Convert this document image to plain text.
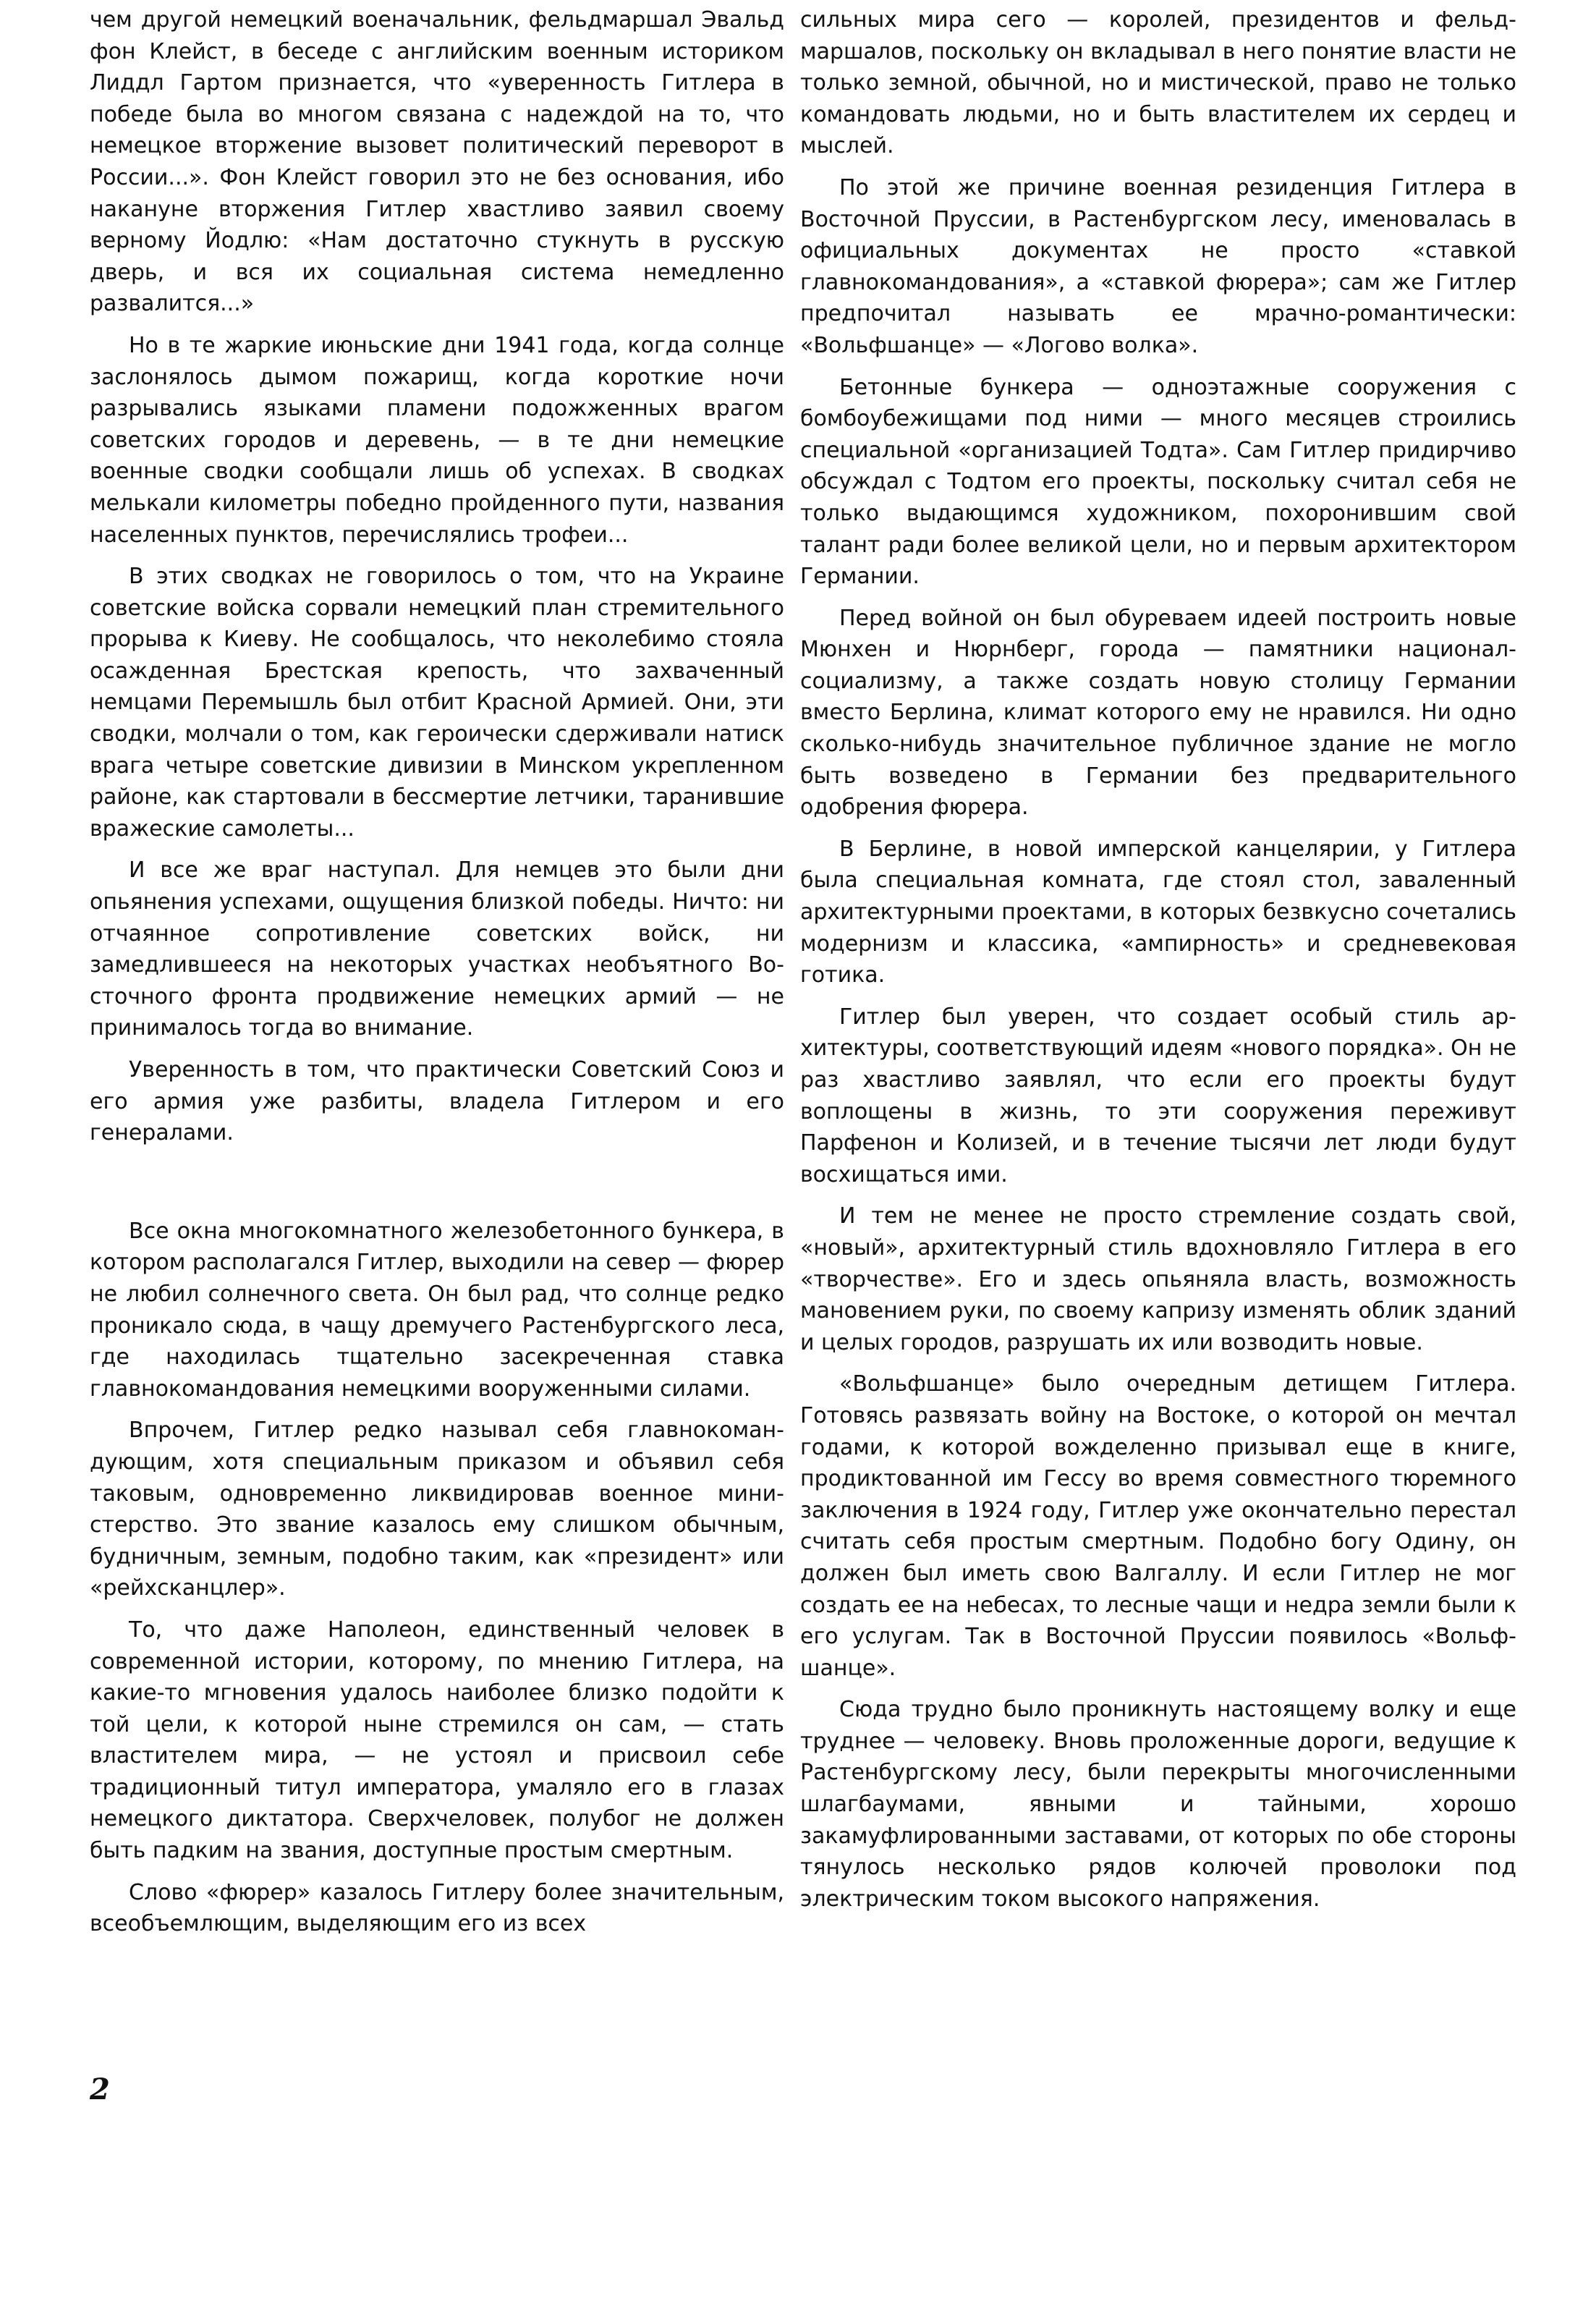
чем другой немецкий военачальник, фельдмаршал Эвальд фон Клейст, в беседе с английским военным историком Лиддл Гартом признается, что «уверенность Гитлера в победе была во многом связана с надеждой на то, что немецкое вторжение вызовет политический переворот в России...». Фон Клейст говорил это не без основания, ибо накануне вторжения Гитлер хвастливо заявил своему верному Йодлю: «Нам достаточно стукнуть в русскую дверь, и вся их социальная система немедленно развалится...»

Но в те жаркие июньские дни 1941 года, когда солнце заслонялось дымом пожарищ, когда короткие ночи разрывались языками пламени подожженных врагом советских городов и деревень, — в те дни немецкие военные сводки сообщали лишь об успехах. В сводках мелькали километры победно пройденного пути, названия населенных пунктов, перечислялись трофеи...

В этих сводках не говорилось о том, что на Украине советские войска сорвали немецкий план стремительного прорыва к Киеву. Не сообщалось, что неколебимо стояла осажденная Брестская крепость, что захваченный немцами Перемышль был отбит Красной Армией. Они, эти сводки, молчали о том, как героически сдерживали натиск врага четыре советские дивизии в Минском укрепленном районе, как стартовали в бессмертие летчики, таранившие вражеские самолеты...

И все же враг наступал. Для немцев это были дни опьянения успехами, ощущения близкой победы. Ничто: ни отчаянное сопротивление советских войск, ни замедлившееся на некоторых участках необъятного Восточного фронта продвижение немецких армий — не принималось тогда во внимание.

Уверенность в том, что практически Советский Союз и его армия уже разбиты, владела Гитлером и его генералами.

Все окна многокомнатного железобетонного бункера, в котором располагался Гитлер, выходили на север — фюрер не любил солнечного света. Он был рад, что солнце редко проникало сюда, в чащу дремучего Растенбургского леса, где находилась тщательно засекреченная ставка главнокомандования немецкими вооруженными силами.

Впрочем, Гитлер редко называл себя главнокомандующим, хотя специальным приказом и объявил себя таковым, одновременно ликвидировав военное министерство. Это звание казалось ему слишком обычным, будничным, земным, подобно таким, как «президент» или «рейхсканцлер».

То, что даже Наполеон, единственный человек в современной истории, которому, по мнению Гитлера, на какие-то мгновения удалось наиболее близко подойти к той цели, к которой ныне стремился он сам, — стать властителем мира, — не устоял и присвоил себе традиционный титул императора, умаляло его в глазах немецкого диктатора. Сверхчеловек, полубог не должен быть падким на звания, доступные простым смертным.

Слово «фюрер» казалось Гитлеру более значительным, всеобъемлющим, выделяющим его из всех

сильных мира сего — королей, президентов и фельдмаршалов, поскольку он вкладывал в него понятие власти не только земной, обычной, но и мистической, право не только командовать людьми, но и быть властителем их сердец и мыслей.

По этой же причине военная резиденция Гитлера в Восточной Пруссии, в Растенбургском лесу, именовалась в официальных документах не просто «ставкой главнокомандования», а «ставкой фюрера»; сам же Гитлер предпочитал называть ее мрачно-романтически: «Вольфшанце» — «Логово волка».

Бетонные бункера — одноэтажные сооружения с бомбоубежищами под ними — много месяцев строились специальной «организацией Тодта». Сам Гитлер придирчиво обсуждал с Тодтом его проекты, поскольку считал себя не только выдающимся художником, похоронившим свой талант ради более великой цели, но и первым архитектором Германии.

Перед войной он был обуреваем идеей построить новые Мюнхен и Нюрнберг, города — памятники национал-социализму, а также создать новую столицу Германии вместо Берлина, климат которого ему не нравился. Ни одно сколько-нибудь значительное публичное здание не могло быть возведено в Германии без предварительного одобрения фюрера.

В Берлине, в новой имперской канцелярии, у Гитлера была специальная комната, где стоял стол, заваленный архитектурными проектами, в которых безвкусно сочетались модернизм и классика, «ампирность» и средневековая готика.

Гитлер был уверен, что создает особый стиль архитектуры, соответствующий идеям «нового порядка». Он не раз хвастливо заявлял, что если его проекты будут воплощены в жизнь, то эти сооружения переживут Парфенон и Колизей, и в течение тысячи лет люди будут восхищаться ими.

И тем не менее не просто стремление создать свой, «новый», архитектурный стиль вдохновляло Гитлера в его «творчестве». Его и здесь опьяняла власть, возможность мановением руки, по своему капризу изменять облик зданий и целых городов, разрушать их или возводить новые.

«Вольфшанце» было очередным детищем Гитлера. Готовясь развязать войну на Востоке, о которой он мечтал годами, к которой вожделенно призывал еще в книге, продиктованной им Гессу во время совместного тюремного заключения в 1924 году, Гитлер уже окончательно перестал считать себя простым смертным. Подобно богу Одину, он должен был иметь свою Валгаллу. И если Гитлер не мог создать ее на небесах, то лесные чащи и недра земли были к его услугам. Так в Восточной Пруссии появилось «Вольфшанце».

Сюда трудно было проникнуть настоящему волку и еще труднее — человеку. Вновь проложенные дороги, ведущие к Растенбургскому лесу, были перекрыты многочисленными шлагбаумами, явными и тайными, хорошо закамуфлированными заставами, от которых по обе стороны тянулось несколько рядов колючей проволоки под электрическим током высокого напряжения.

2
